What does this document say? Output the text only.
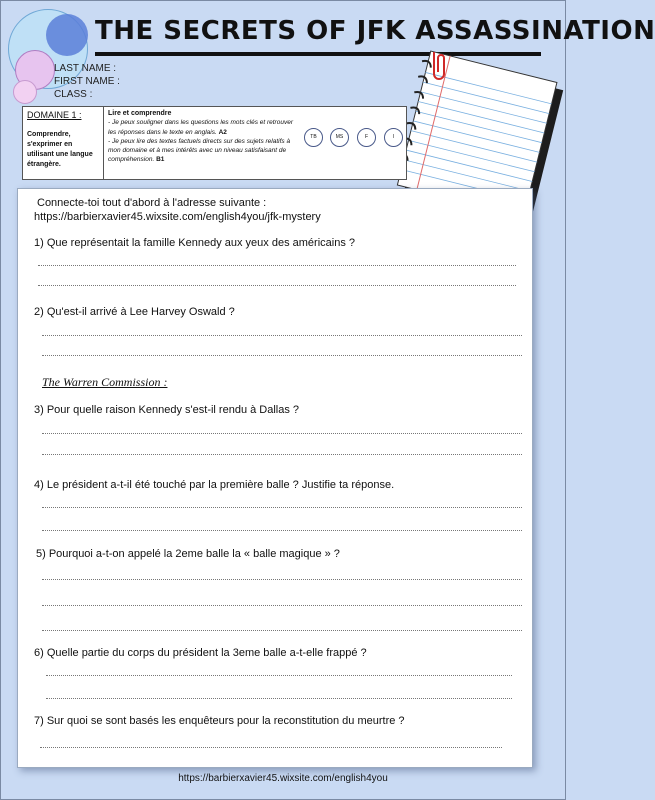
THE SECRETS OF JFK ASSASSINATION
LAST NAME :
FIRST NAME :
CLASS :
DOMAINE 1 :
Comprendre, s'exprimer en utilisant une langue étrangère.
Lire et comprendre
- Je peux souligner dans les questions les mots clés et retrouver les réponses dans le texte en anglais. A2
- Je peux lire des textes factuels directs sur des sujets relatifs à mon domaine et à mes intérêts avec un niveau satisfaisant de compréhension. B1
TB	MS	F	I
Connecte-toi tout d'abord à l'adresse suivante :
https://barbierxavier45.wixsite.com/english4you/jfk-mystery
1) Que représentait la famille Kennedy aux yeux des américains ?
2) Qu'est-il arrivé à Lee Harvey Oswald ?
The Warren Commission :
3) Pour quelle raison Kennedy s'est-il rendu à Dallas ?
4) Le président a-t-il été touché par la première balle ? Justifie ta réponse.
5) Pourquoi a-t-on appelé la 2eme balle la « balle magique » ?
6) Quelle partie du corps du président la 3eme balle a-t-elle frappé ?
7) Sur quoi se sont basés les enquêteurs pour la reconstitution du meurtre ?
https://barbierxavier45.wixsite.com/english4you
